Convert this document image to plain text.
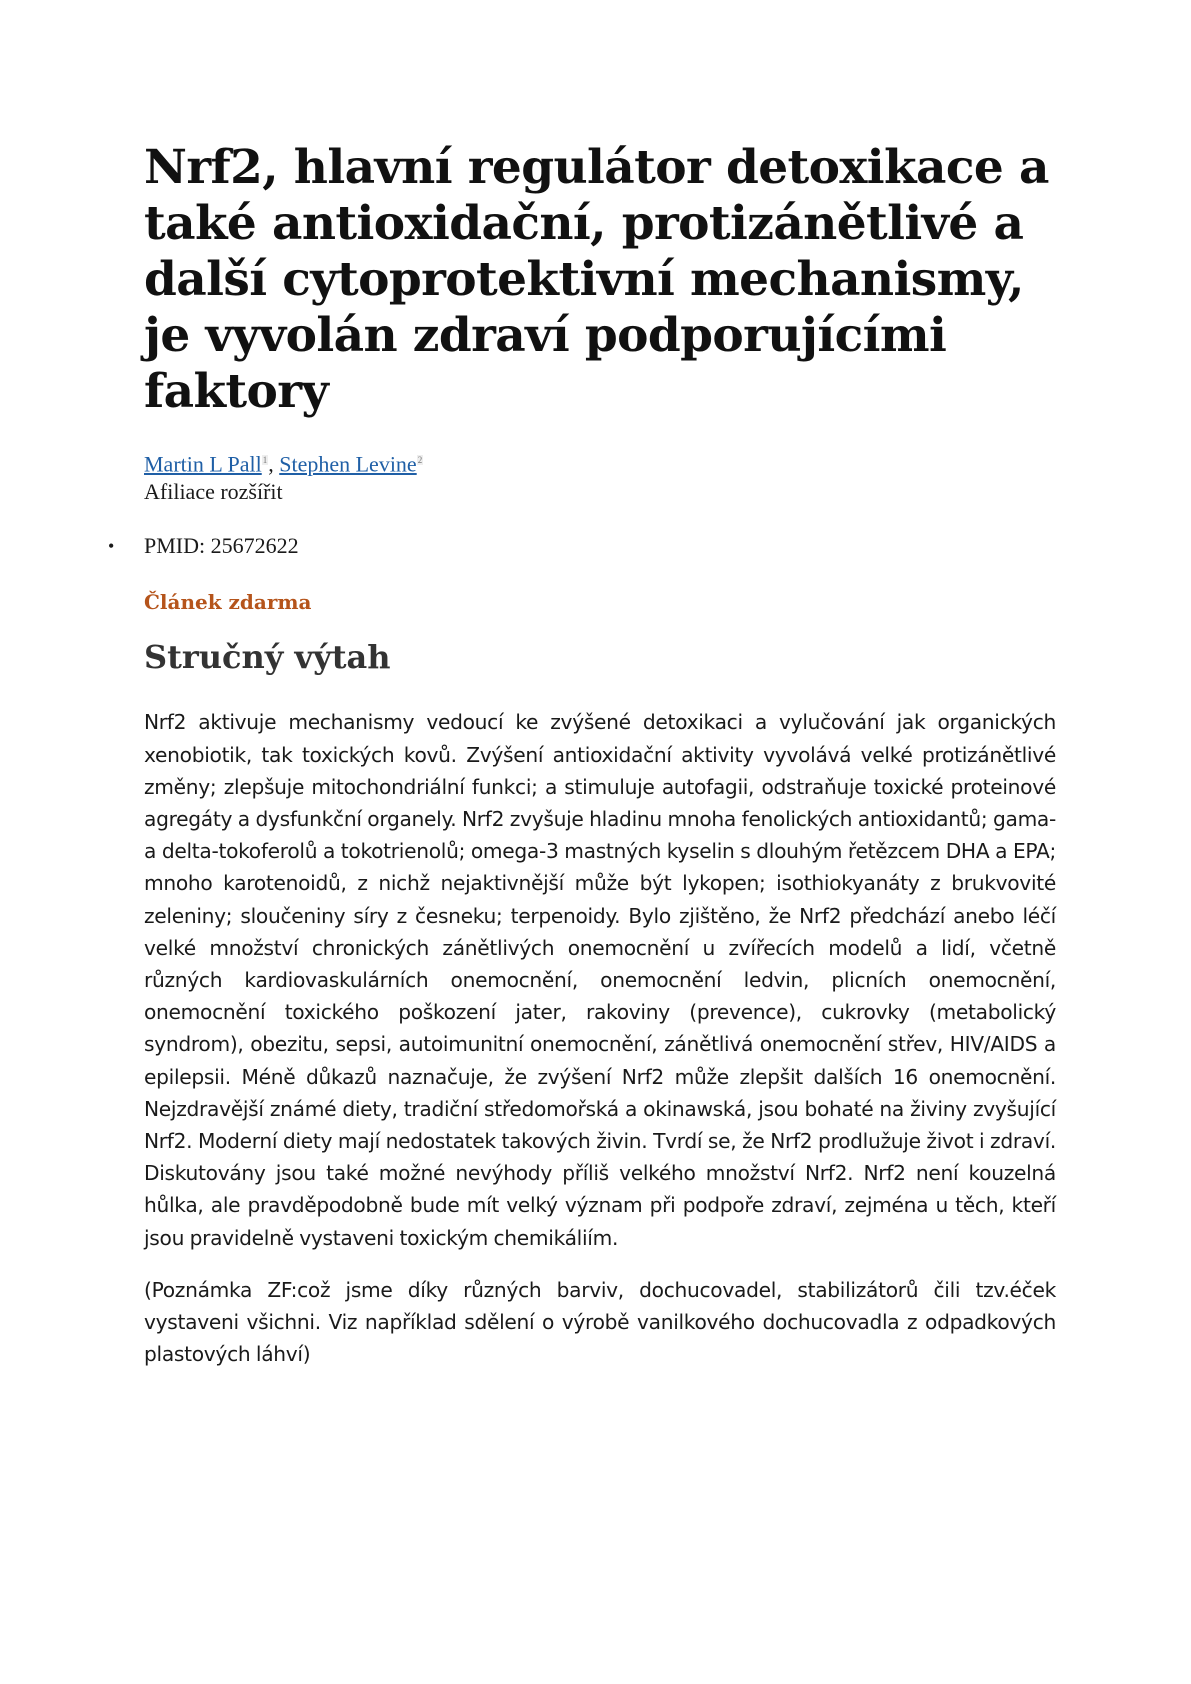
Nrf2, hlavní regulátor detoxikace a také antioxidační, protizánětlivé a další cytoprotektivní mechanismy, je vyvolán zdraví podporujícími faktory
Martin L Pall$^1$, Stephen Levine$^2$
Afiliace rozšířit
• PMID: 25672622
Článek zdarma
Stručný výtah
Nrf2 aktivuje mechanismy vedoucí ke zvýšené detoxikaci a vylučování jak organických xenobiotik, tak toxických kovů. Zvýšení antioxidační aktivity vyvolává velké protizánětlivé změny; zlepšuje mitochondriální funkci; a stimuluje autofagii, odstraňuje toxické proteinové agregáty a dysfunkční organely. Nrf2 zvyšuje hladinu mnoha fenolických antioxidantů; gama- a delta-tokoferolů a tokotrienolů; omega-3 mastných kyselin s dlouhým řetězcem DHA a EPA; mnoho karotenoidů, z nichž nejaktivnější může být lykopen; isothiokyanáty z brukvovité zeleniny; sloučeniny síry z česneku; terpenoidy. Bylo zjištěno, že Nrf2 předchází anebo léčí velké množství chronických zánětlivých onemocnění u zvířecích modelů a lidí, včetně různých kardiovaskulárních onemocnění, onemocnění ledvin, plicních onemocnění, onemocnění toxického poškození jater, rakoviny (prevence), cukrovky (metabolický syndrom), obezitu, sepsi, autoimunitní onemocnění, zánětlivá onemocnění střev, HIV/AIDS a epilepsii. Méně důkazů naznačuje, že zvýšení Nrf2 může zlepšit dalších 16 onemocnění. Nejzdravější známé diety, tradiční středomořská a okinawská, jsou bohaté na živiny zvyšující Nrf2. Moderní diety mají nedostatek takových živin. Tvrdí se, že Nrf2 prodlužuje život i zdraví. Diskutovány jsou také možné nevýhody příliš velkého množství Nrf2. Nrf2 není kouzelná hůlka, ale pravděpodobně bude mít velký význam při podpoře zdraví, zejména u těch, kteří jsou pravidelně vystaveni toxickým chemikáliím.
(Poznámka ZF:což jsme díky různých barviv, dochucovadel, stabilizátorů čili tzv.éček vystaveni všichni. Viz například sdělení o výrobě vanilkového dochucovadla z odpadkových plastových láhví)
